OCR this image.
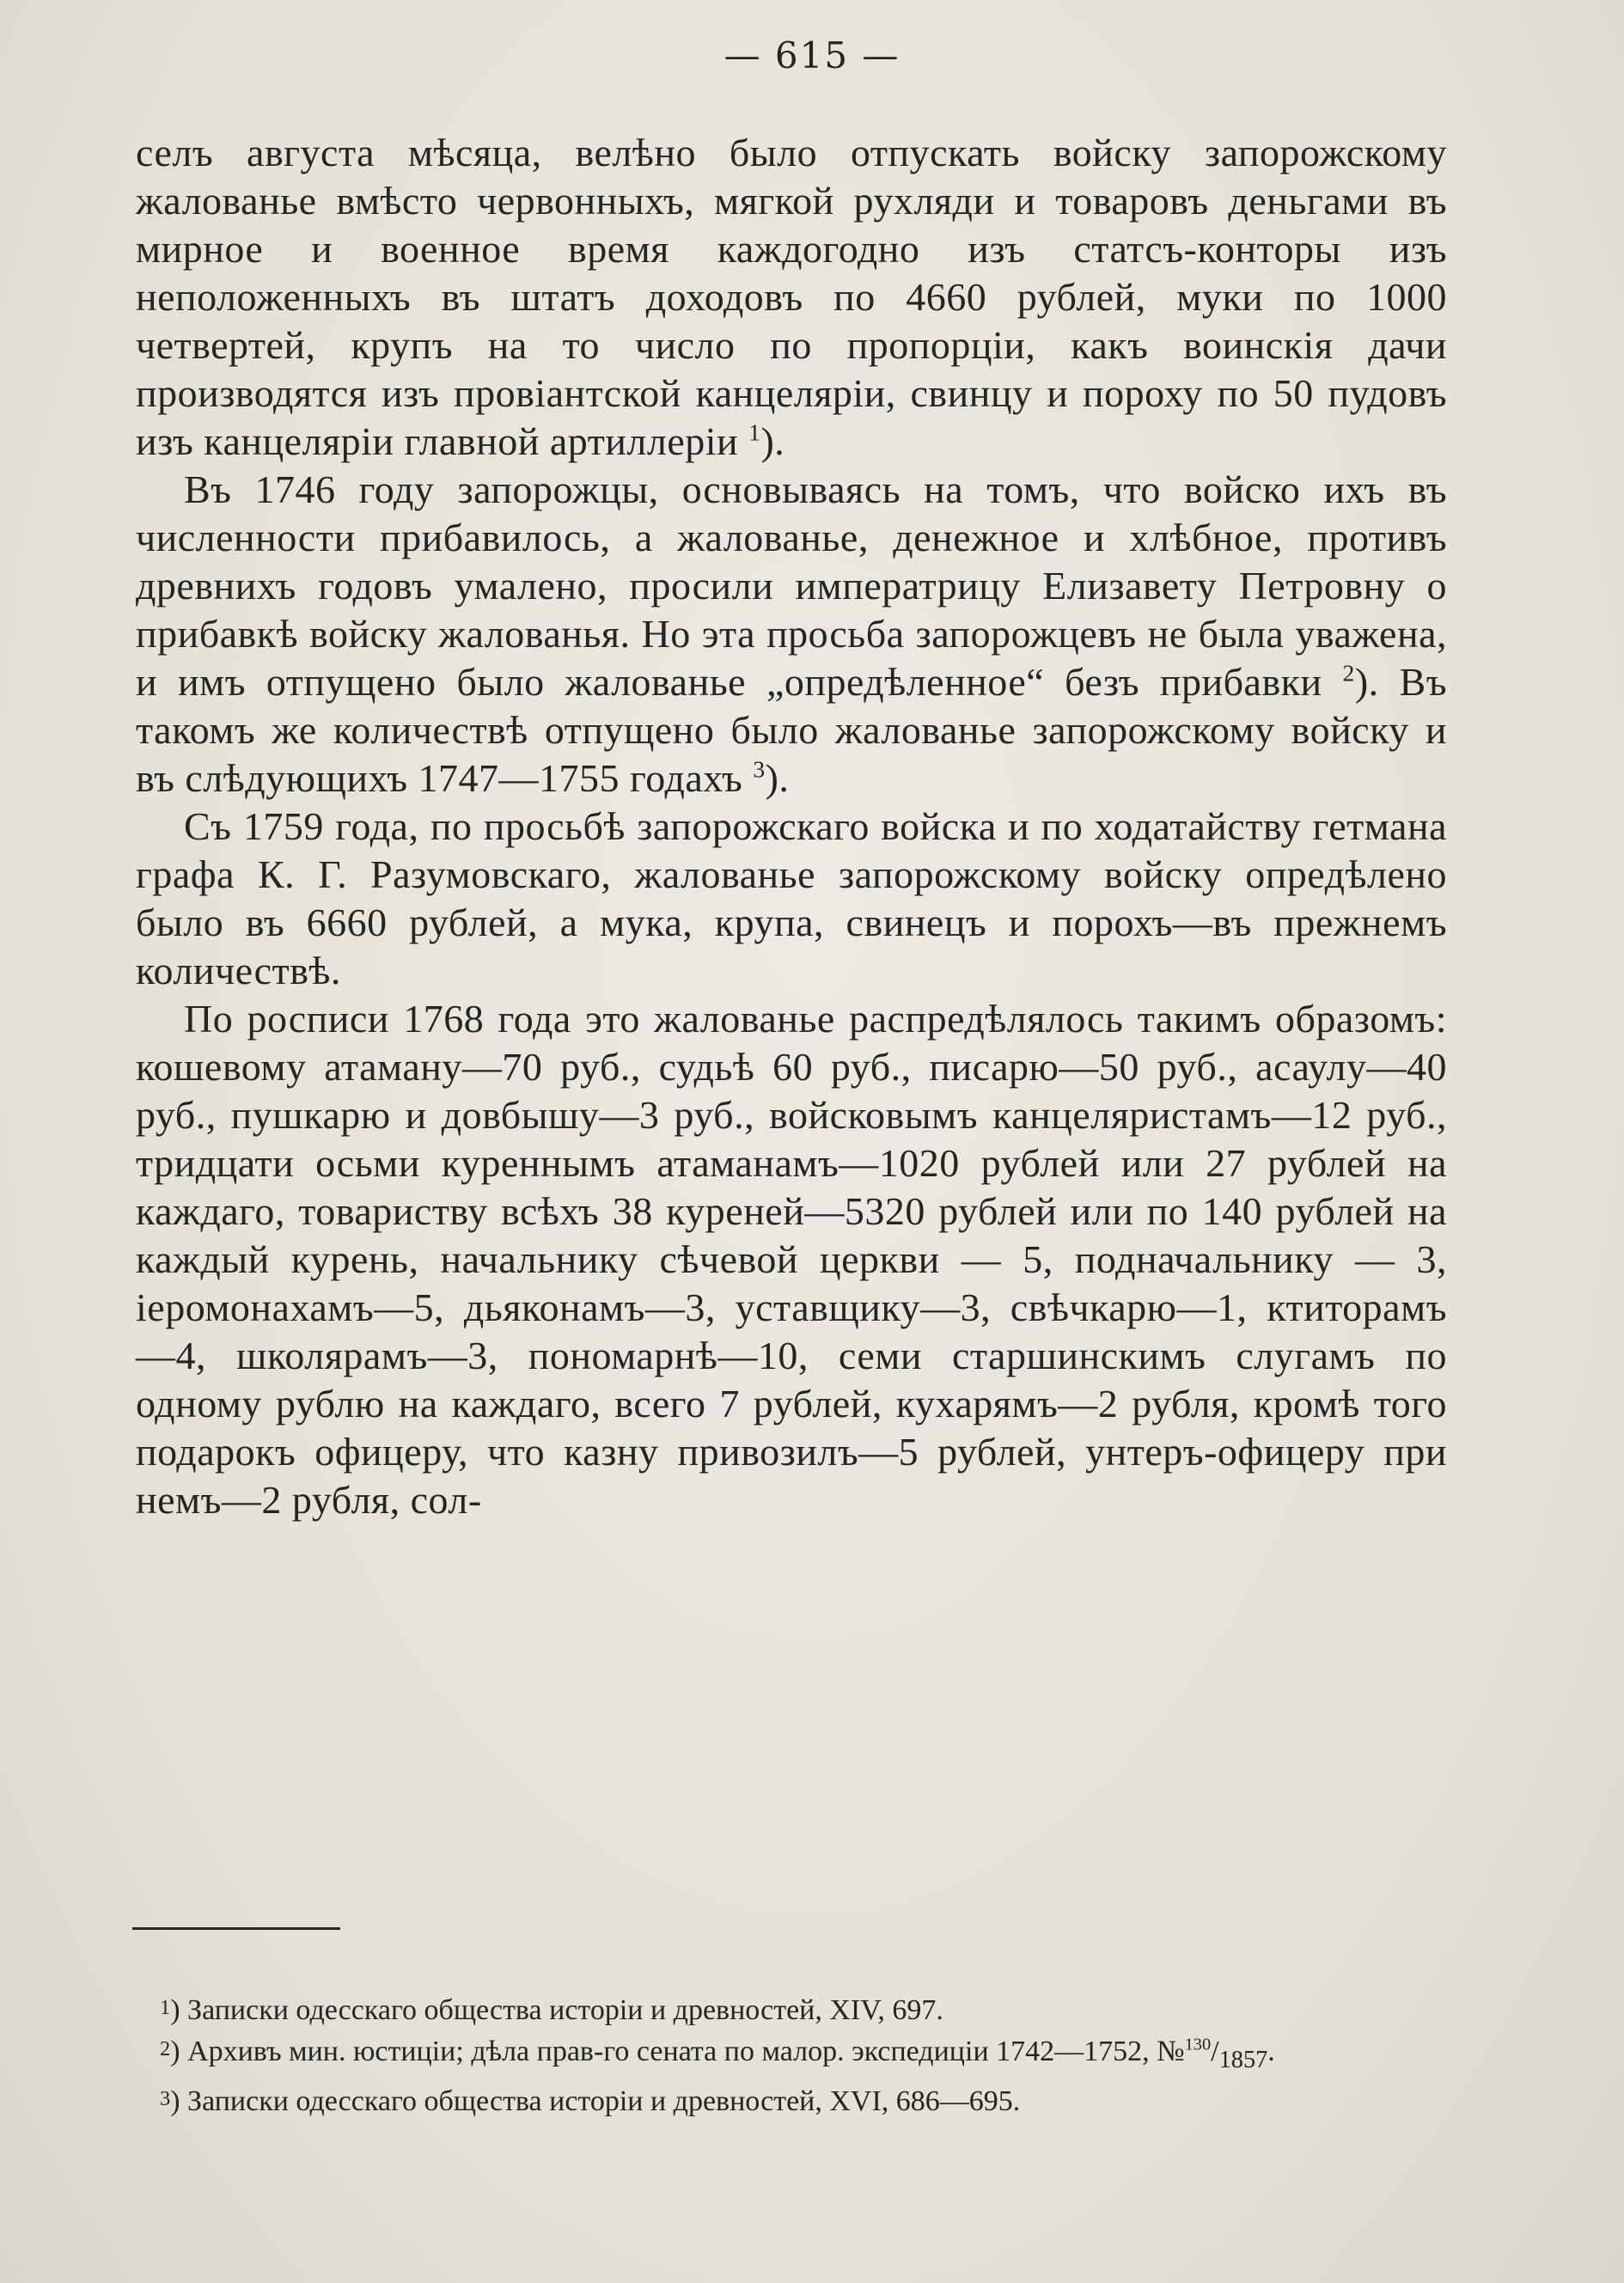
— 615 —

селъ августа мѣсяца, велѣно было отпускать войску запорожскому жалованье вмѣсто червонныхъ, мягкой рухляди и товаровъ деньгами въ мирное и военное время каждогодно изъ статсъ-конторы изъ неположенныхъ въ штатъ доходовъ по 4660 рублей, муки по 1000 четвертей, крупъ на то число по пропорціи, какъ воинскія дачи производятся изъ провіантской канцеляріи, свинцу и пороху по 50 пудовъ изъ канцеляріи главной артиллеріи $^1$).

Въ 1746 году запорожцы, основываясь на томъ, что войско ихъ въ численности прибавилось, а жалованье, денежное и хлѣбное, противъ древнихъ годовъ умалено, просили императрицу Елизавету Петровну о прибавкѣ войску жалованья. Но эта просьба запорожцевъ не была уважена, и имъ отпущено было жалованье „опредѣленное“ безъ прибавки $^2$). Въ такомъ же количествѣ отпущено было жалованье запорожскому войску и въ слѣдующихъ 1747—1755 годахъ $^3$).

Съ 1759 года, по просьбѣ запорожскаго войска и по ходатайству гетмана графа К. Г. Разумовскаго, жалованье запорожскому войску опредѣлено было въ 6660 рублей, а мука, крупа, свинецъ и порохъ—въ прежнемъ количествѣ.

По росписи 1768 года это жалованье распредѣлялось такимъ образомъ: кошевому атаману—70 руб., судьѣ 60 руб., писарю—50 руб., асаулу—40 руб., пушкарю и довбышу—3 руб., войсковымъ канцеляристамъ—12 руб., тридцати осьми куреннымъ атаманамъ—1020 рублей или 27 рублей на каждаго, товариству всѣхъ 38 куреней—5320 рублей или по 140 рублей на каждый курень, начальнику сѣчевой церкви — 5, подначальнику — 3, іеромонахамъ—5, дьяконамъ—3, уставщику—3, свѣчкарю—1, ктиторамъ—4, школярамъ—3, пономарнѣ—10, семи старшинскимъ слугамъ по одному рублю на каждаго, всего 7 рублей, кухарямъ—2 рубля, кромѣ того подарокъ офицеру, что казну привозилъ—5 рублей, унтеръ-офицеру при немъ—2 рубля, сол-

1) Записки одесскаго общества исторіи и древностей, XIV, 697.

2) Архивъ мин. юстиціи; дѣла прав-го сената по малор. экспедиціи 1742—1752, $№^{130}/_{1857}$.

3) Записки одесскаго общества исторіи и древностей, XVI, 686—695.
